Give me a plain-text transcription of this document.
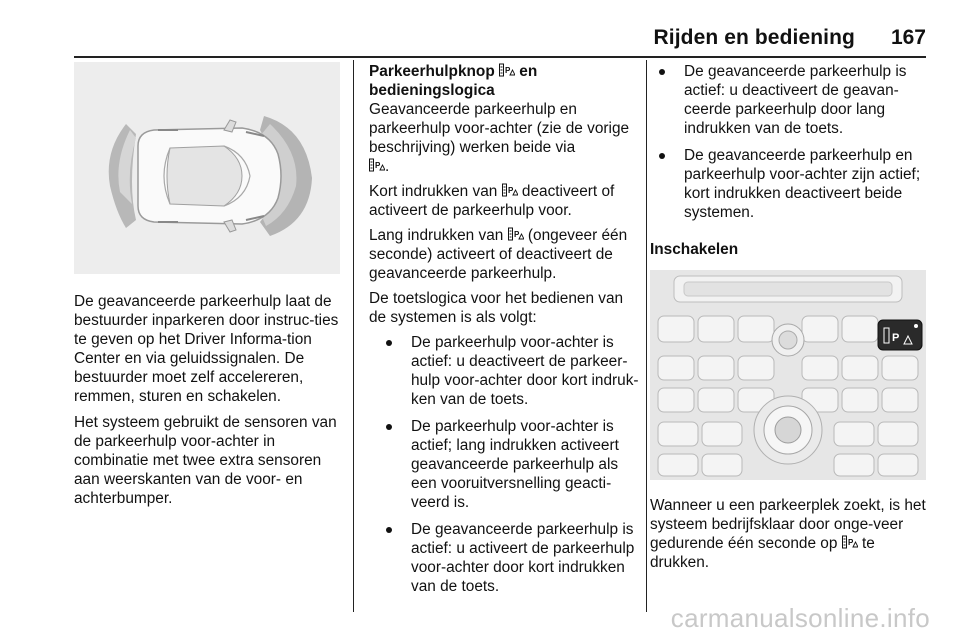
Rijden en bediening 167

De geavanceerde parkeerhulp laat de bestuurder inparkeren door instruc-ties te geven op het Driver Informa-tion Center en via geluidssignalen. De bestuurder moet zelf accelereren, remmen, sturen en schakelen.

Het systeem gebruikt de sensoren van de parkeerhulp voor-achter in combinatie met twee extra sensoren aan weerskanten van de voor- en achterbumper.

Parkeerhulpknop P en
bedieningslogica

Geavanceerde parkeerhulp en parkeerhulp voor-achter (zie de vorige beschrijving) werken beide via

P .

Kort indrukken van P deactiveert of activeert de parkeerhulp voor.

Lang indrukken van P (ongeveer één seconde) activeert of deactiveert de geavanceerde parkeerhulp.

De toetslogica voor het bedienen van de systemen is als volgt:

De parkeerhulp voor-achter is actief: u deactiveert de parkeer-hulp voor-achter door kort indruk-ken van de toets.
De parkeerhulp voor-achter is actief; lang indrukken activeert geavanceerde parkeerhulp als een vooruitversnelling geacti-veerd is.
De geavanceerde parkeerhulp is actief: u activeert de parkeerhulp voor-achter door kort indrukken van de toets.
De geavanceerde parkeerhulp is actief: u deactiveert de geavan-ceerde parkeerhulp door lang indrukken van de toets.
De geavanceerde parkeerhulp en parkeerhulp voor-achter zijn actief; kort indrukken deactiveert beide systemen.
Inschakelen
P

Wanneer u een parkeerplek zoekt, is het systeem bedrijfsklaar door onge-veer gedurende één seconde op P te drukken.

carmanualsonline.info
